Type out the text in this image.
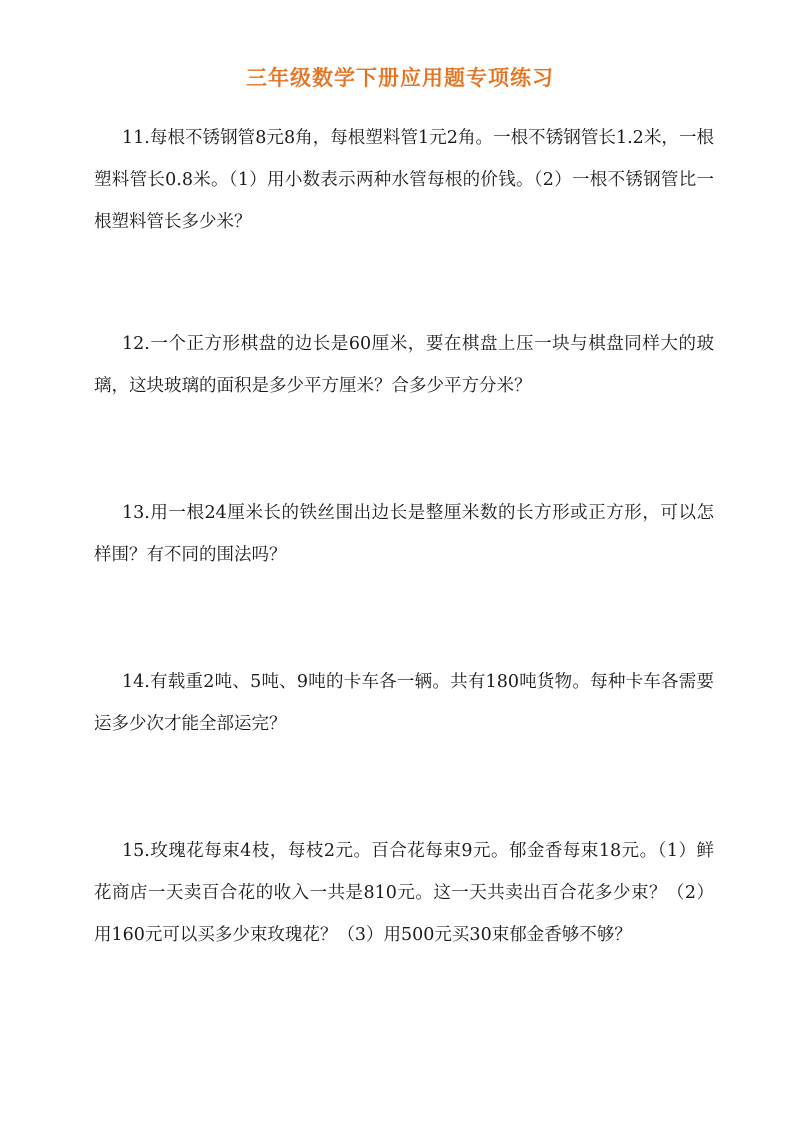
三年级数学下册应用题专项练习
11.每根不锈钢管8元8角，每根塑料管1元2角。一根不锈钢管长1.2米，一根塑料管长0.8米。（1）用小数表示两种水管每根的价钱。（2）一根不锈钢管比一根塑料管长多少米？
12.一个正方形棋盘的边长是60厘米，要在棋盘上压一块与棋盘同样大的玻璃，这块玻璃的面积是多少平方厘米？合多少平方分米？
13.用一根24厘米长的铁丝围出边长是整厘米数的长方形或正方形，可以怎样围？有不同的围法吗？
14.有载重2吨、5吨、9吨的卡车各一辆。共有180吨货物。每种卡车各需要运多少次才能全部运完？
15.玫瑰花每束4枝，每枝2元。百合花每束9元。郁金香每束18元。（1）鲜花商店一天卖百合花的收入一共是810元。这一天共卖出百合花多少束？（2）用160元可以买多少束玫瑰花？（3）用500元买30束郁金香够不够？
